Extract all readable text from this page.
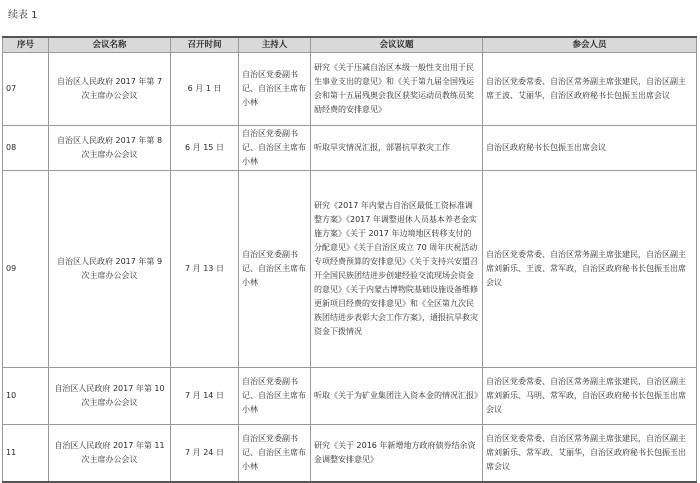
续表 1
序号	会议名称	召开时间	主持人	会议议题	参会人员
07	自治区人民政府 2017 年第 7 次主席办公会议	6 月 1 日	自治区党委副书记、自治区主席布小林	研究《关于压减自治区本级一般性支出用于民生事业支出的意见》和《关于第九届全国残运会和第十五届残奥会我区获奖运动员教练员奖励经费的安排意见》	自治区党委常委、自治区常务副主席张建民，自治区副主席王波、艾丽华，自治区政府秘书长包振玉出席会议
08	自治区人民政府 2017 年第 8 次主席办公会议	6 月 15 日	自治区党委副书记、自治区主席布小林	听取旱灾情况汇报，部署抗旱救灾工作	自治区政府秘书长包振玉出席会议
09	自治区人民政府 2017 年第 9 次主席办公会议	7 月 13 日	自治区党委副书记、自治区主席布小林	研究《2017 年内蒙古自治区最低工资标准调整方案》《2017 年调整退休人员基本养老金实施方案》《关于 2017 年边境地区转移支付的分配意见》《关于自治区成立 70 周年庆祝活动专项经费预算的安排意见》《关于支持兴安盟召开全国民族团结进步创建经验交流现场会资金的意见》《关于内蒙古博物院基础设施设备维修更新项目经费的安排意见》和《全区第九次民族团结进步表彰大会工作方案》，通报抗旱救灾资金下拨情况	自治区党委常委、自治区常务副主席张建民，自治区副主席刘新乐、王波、常军政，自治区政府秘书长包振玉出席会议
10	自治区人民政府 2017 年第 10 次主席办公会议	7 月 14 日	自治区党委副书记、自治区主席布小林	听取《关于为矿业集团注入资本金的情况汇报》	自治区党委常委、自治区常务副主席张建民，自治区副主席刘新乐、马明、常军政，自治区政府秘书长包振玉出席会议
11	自治区人民政府 2017 年第 11 次主席办公会议	7 月 24 日	自治区党委副书记、自治区主席布小林	研究《关于 2016 年新增地方政府债券结余资金调整安排意见》	自治区党委常委、自治区常务副主席张建民，自治区副主席刘新乐、常军政、艾丽华，自治区政府秘书长包振玉出席会议
